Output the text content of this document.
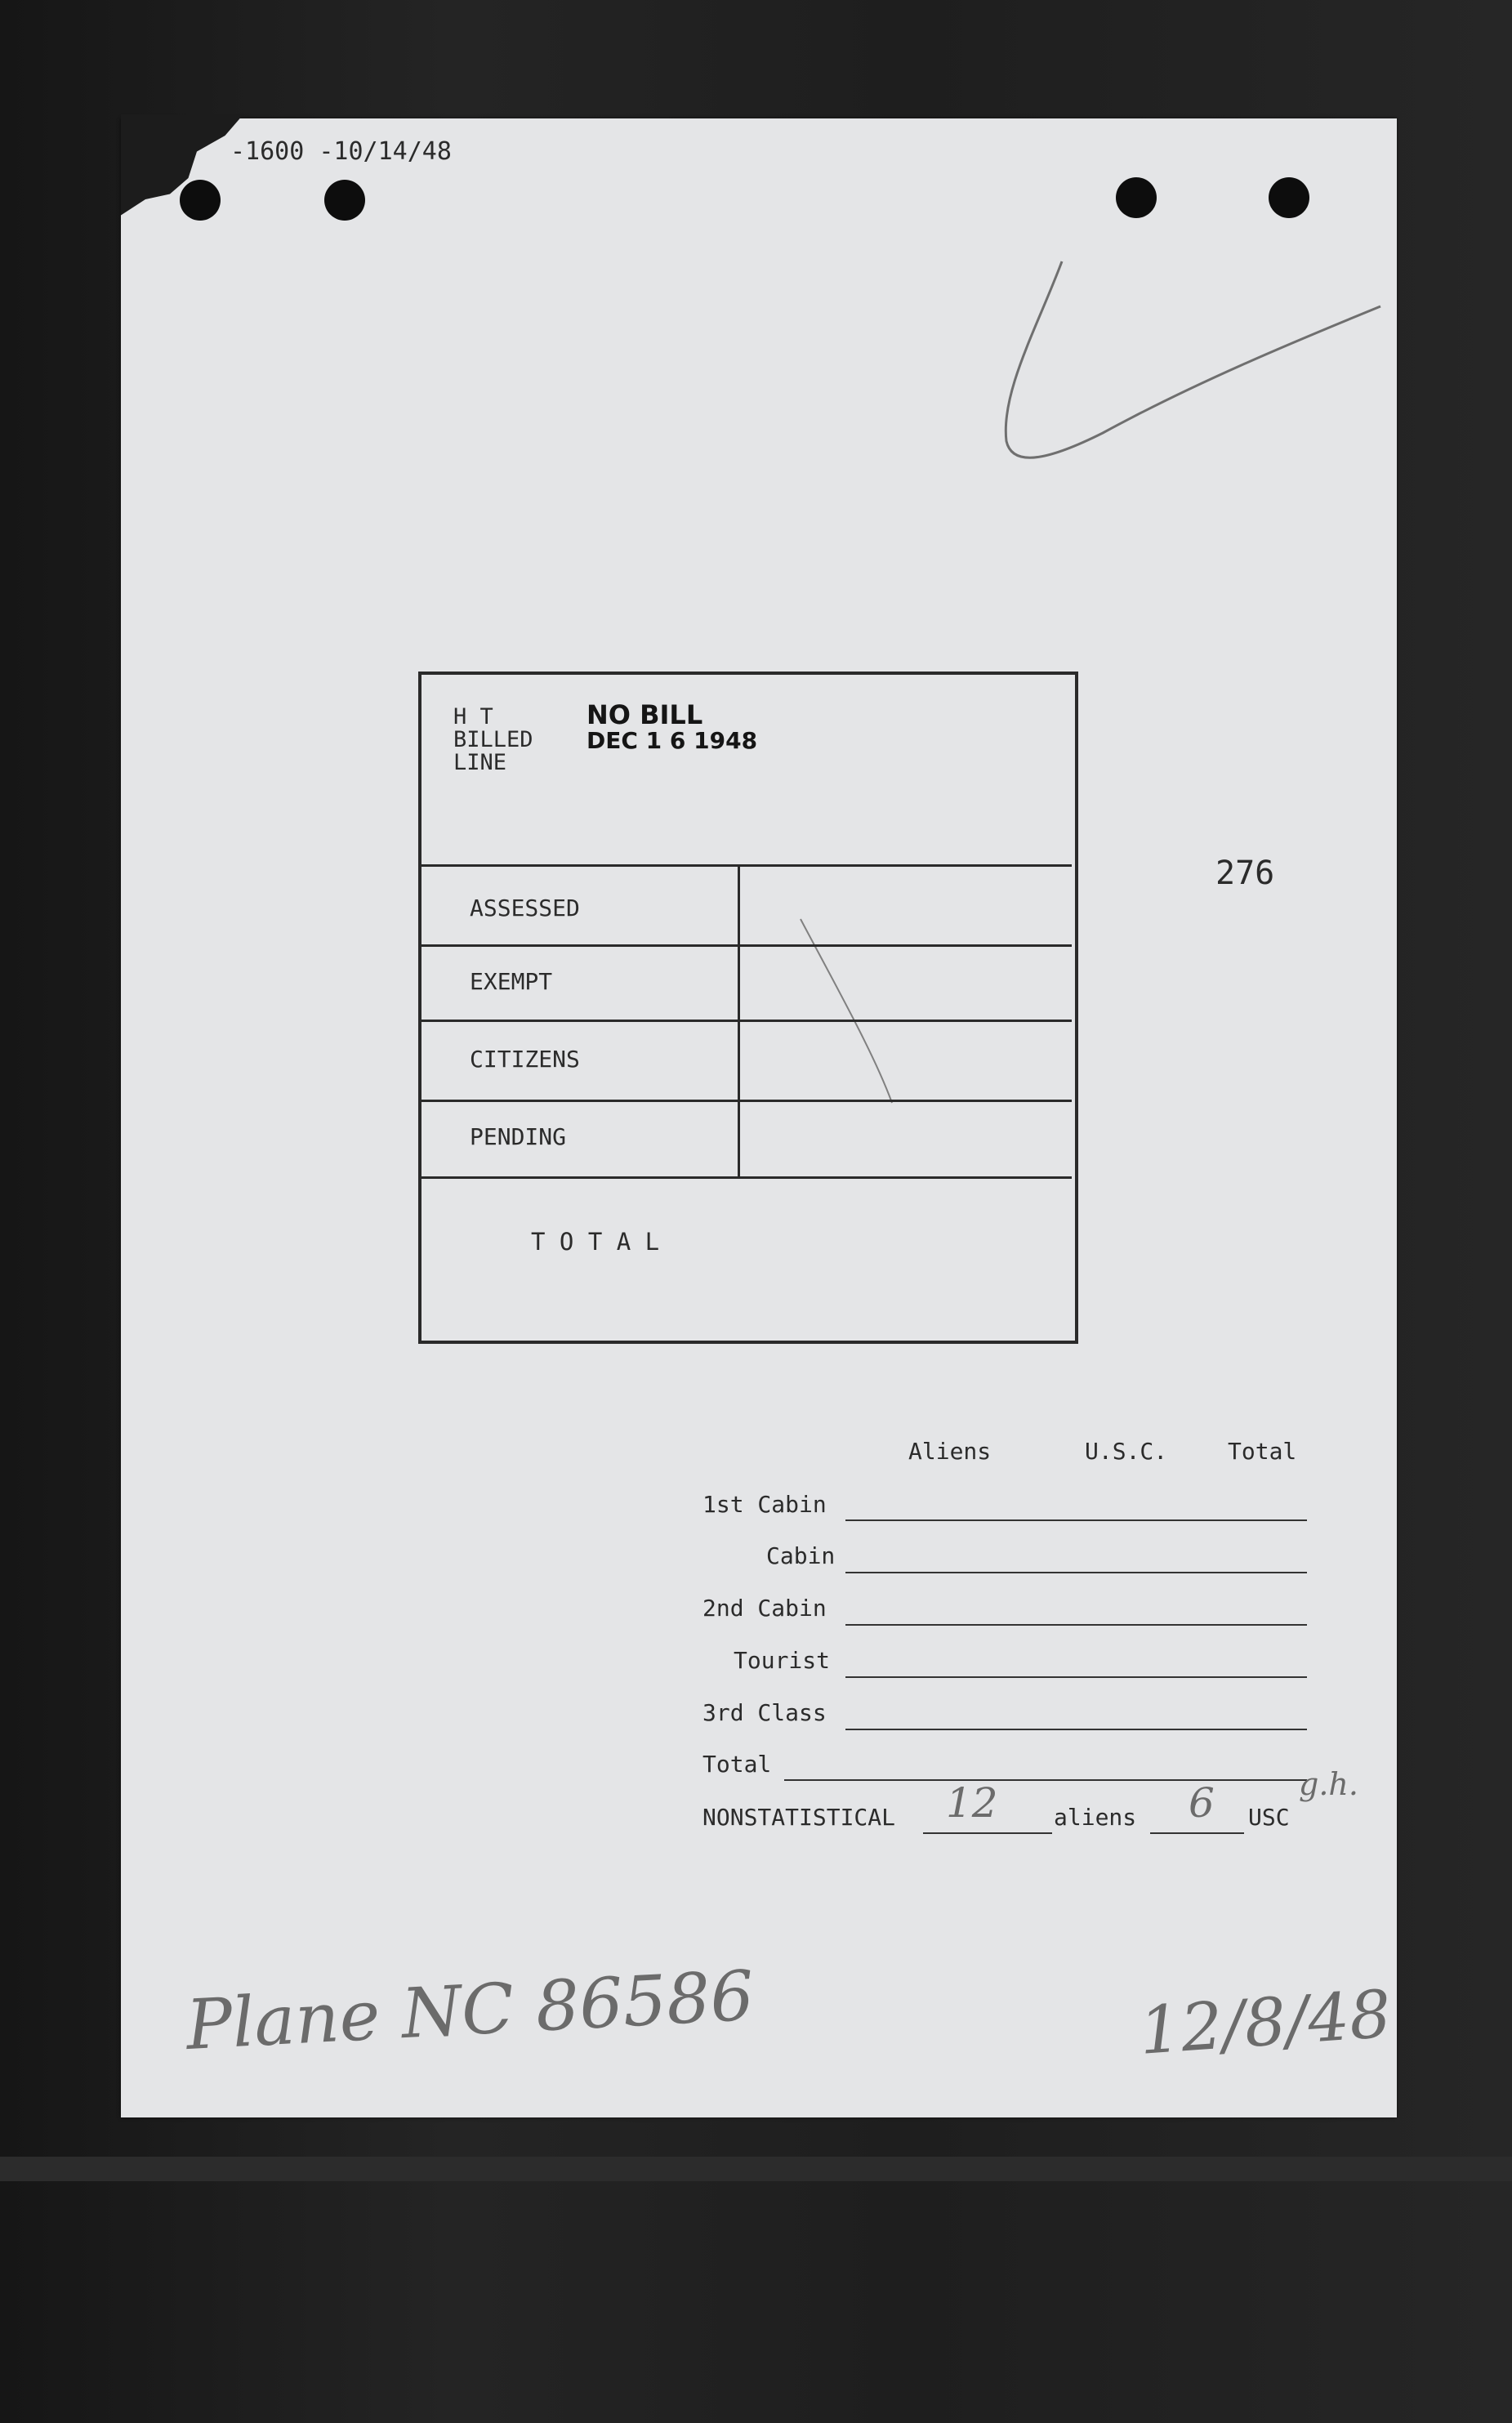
-1600 -10/14/48
H T
BILLED
LINE
NO BILL
DEC 1 6 1948
ASSESSED
EXEMPT
CITIZENS
PENDING
T O T A L
276
Aliens	U.S.C.	Total
1st Cabin
Cabin
2nd Cabin
Tourist
3rd Class
Total
NONSTATISTICAL 12 aliens 6 USC
g.h.
Plane NC 86586	12/8/48
